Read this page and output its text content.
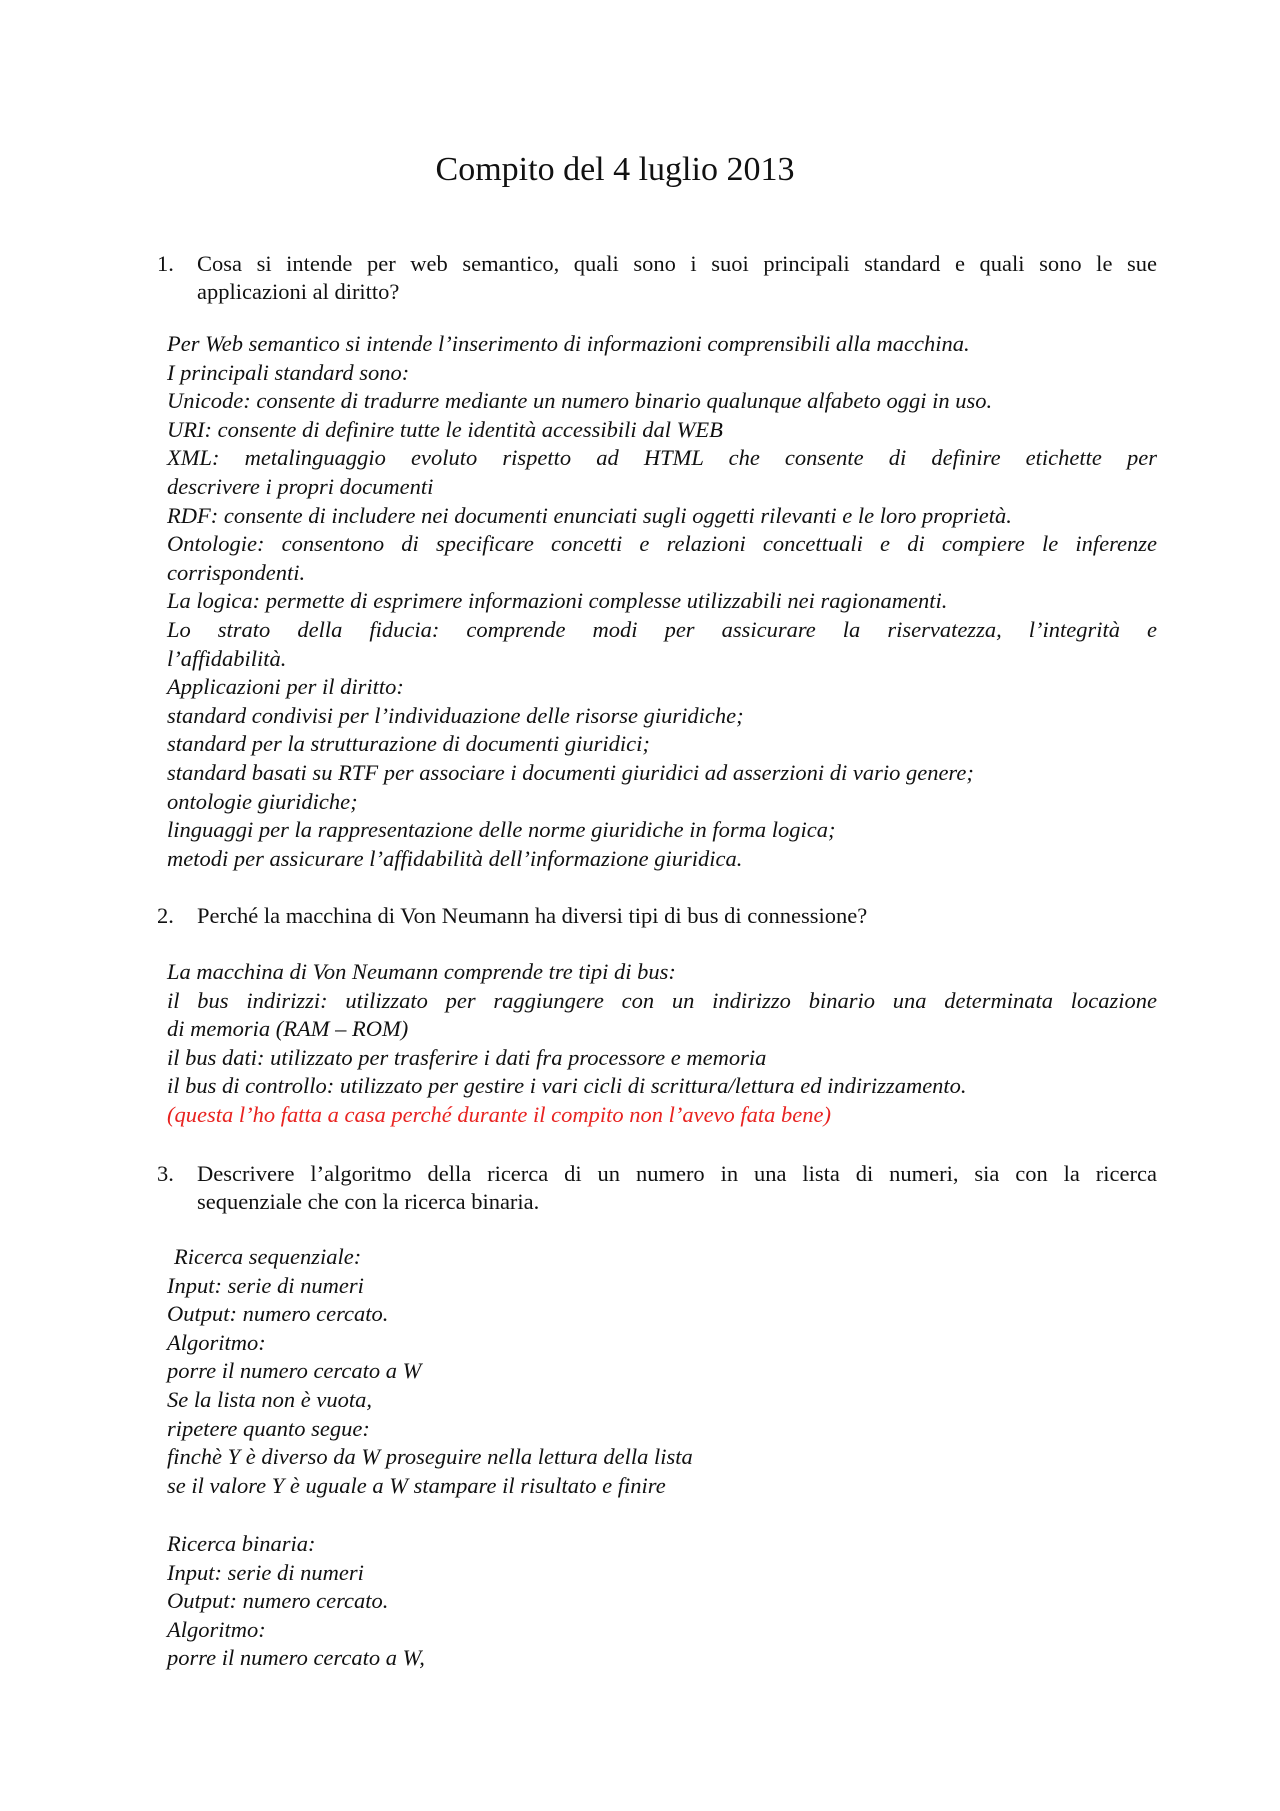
Compito del 4 luglio 2013
1.	Cosa si intende per web semantico, quali sono i suoi principali standard e quali sono le sue
applicazioni al diritto?
Per Web semantico si intende l’inserimento di informazioni comprensibili alla macchina.
I principali standard sono:
Unicode: consente di tradurre mediante un numero binario qualunque alfabeto oggi in uso.
URI: consente di definire tutte le identità accessibili dal WEB
XML: metalinguaggio evoluto rispetto ad HTML che consente di definire etichette per
descrivere i propri documenti
RDF: consente di includere nei documenti enunciati sugli oggetti rilevanti e le loro proprietà.
Ontologie: consentono di specificare concetti e relazioni concettuali e di compiere le inferenze
corrispondenti.
La logica: permette di esprimere informazioni complesse utilizzabili nei ragionamenti.
Lo strato della fiducia: comprende modi per assicurare la riservatezza, l’integrità e
l’affidabilità.
Applicazioni per il diritto:
standard condivisi per l’individuazione delle risorse giuridiche;
standard per la strutturazione di documenti giuridici;
standard basati su RTF per associare i documenti giuridici ad asserzioni di vario genere;
ontologie giuridiche;
linguaggi per la rappresentazione delle norme giuridiche in forma logica;
metodi per assicurare l’affidabilità dell’informazione giuridica.
2.	Perché la macchina di Von Neumann ha diversi tipi di bus di connessione?
La macchina di Von Neumann comprende tre tipi di bus:
il bus indirizzi: utilizzato per raggiungere con un indirizzo binario una determinata locazione
di memoria (RAM – ROM)
il bus dati: utilizzato per trasferire i dati fra processore e memoria
il bus di controllo: utilizzato per gestire i vari cicli di scrittura/lettura ed indirizzamento.
(questa l’ho fatta a casa perché durante il compito non l’avevo fata bene)
3.	Descrivere l’algoritmo della ricerca di un numero in una lista di numeri, sia con la ricerca
sequenziale che con la ricerca binaria.
Ricerca sequenziale:
Input: serie di numeri
Output: numero cercato.
Algoritmo:
porre il numero cercato a W
Se la lista non è vuota,
ripetere quanto segue:
finchè Y è diverso da W proseguire nella lettura della lista
se il valore Y è uguale a W stampare il risultato e finire
Ricerca binaria:
Input: serie di numeri
Output: numero cercato.
Algoritmo:
porre il numero cercato a W,
